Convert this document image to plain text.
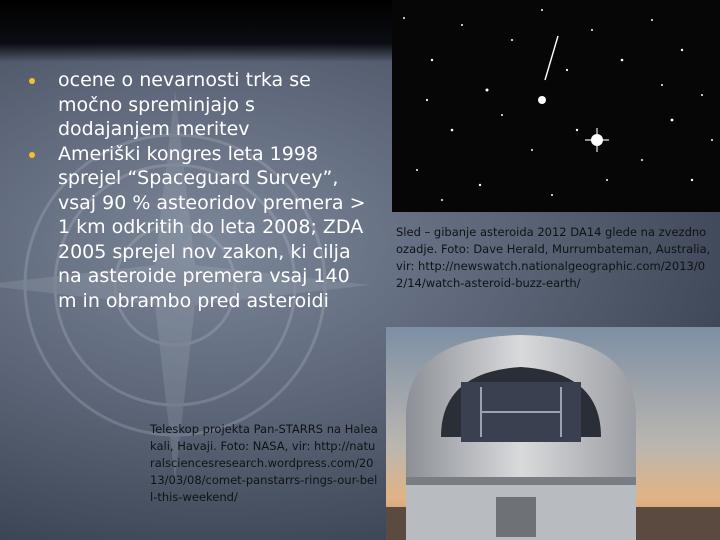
ocene o nevarnosti trka se močno spreminjajo s dodajanjem meritev
Ameriški kongres leta 1998 sprejel “Spaceguard Survey”, vsaj 90 % asteoridov premera > 1 km odkritih do leta 2008; ZDA 2005 sprejel nov zakon, ki cilja na asteroide premera vsaj 140 m in obrambo pred asteroidi
Sled – gibanje asteroida 2012 DA14 glede na zvezdno ozadje. Foto: Dave Herald, Murrumbateman, Australia, vir: http://newswatch.nationalgeographic.com/2013/02/14/watch-asteroid-buzz-earth/
Teleskop projekta Pan-STARRS na Haleakali, Havaji. Foto: NASA, vir: http://naturalsciencesresearch.wordpress.com/2013/03/08/comet-panstarrs-rings-our-bell-this-weekend/
